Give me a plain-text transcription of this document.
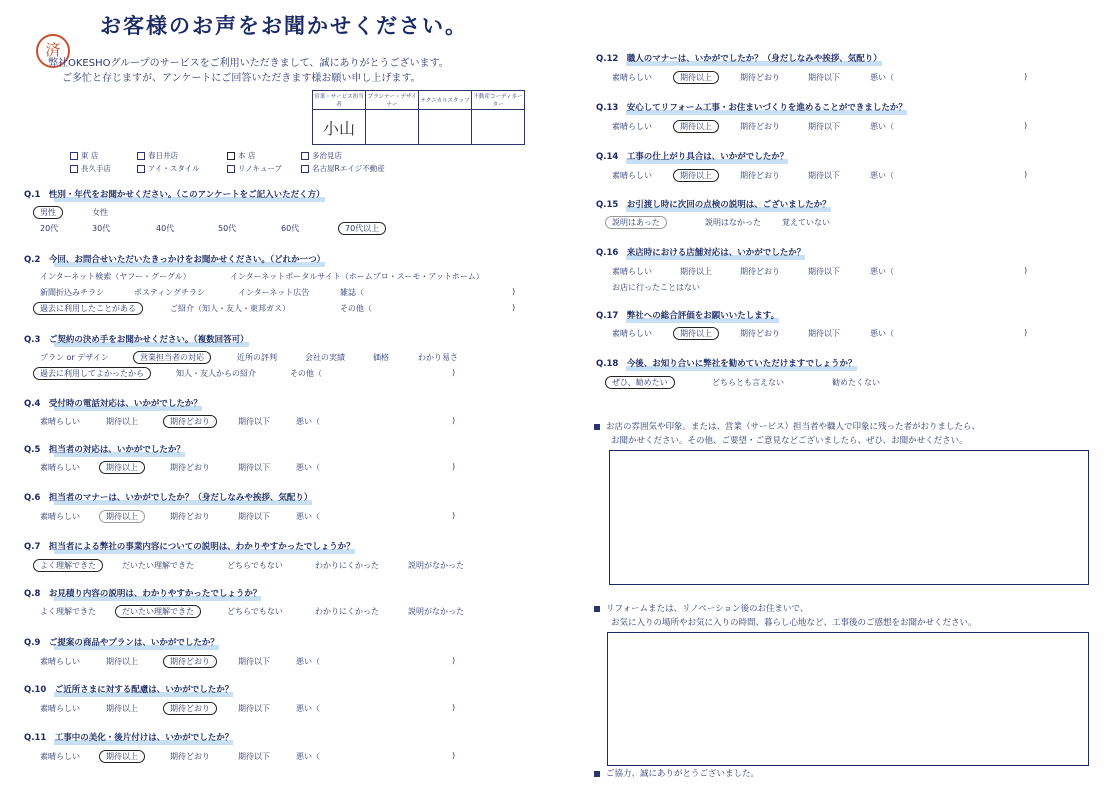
お客様のお声をお聞かせください。
済
弊社OKESHOグループのサービスをご利用いただきまして、誠にありがとうございます。
ご多忙と存じますが、アンケートにご回答いただきます様お願い申し上げます。
営業・サービス担当者	プランナー・デザイナー	テクニカルスタッフ	不動産コーディネーター
小山			
東 店	春日井店	本 店	多治見店
長久手店	アイ・スタイル	リノキューブ	名古屋Rエイジ不動産
Q.1　性別・年代をお聞かせください。（このアンケートをご記入いただく方）
男性	女性
20代	30代	40代	50代	60代	70代以上
Q.2　今回、お問合せいただいたきっかけをお聞かせください。（どれか一つ）
インターネット検索（ヤフー・グーグル）	インターネットポータルサイト（ホームプロ・スーモ・アットホーム）
新聞折込みチラシ	ポスティングチラシ	インターネット広告	雑誌（	)
過去に利用したことがある	ご紹介（知人・友人・東邦ガス）	その他（	)
Q.3　ご契約の決め手をお聞かせください。（複数回答可）
プラン or デザイン	営業担当者の対応	近所の評判	会社の実績	価格	わかり易さ
過去に利用してよかったから	知人・友人からの紹介	その他（	)
Q.4　受付時の電話対応は、いかがでしたか？
素晴らしい	期待以上	期待どおり	期待以下	悪い（	)
Q.5　担当者の対応は、いかがでしたか？
素晴らしい	期待以上	期待どおり	期待以下	悪い（	)
Q.6　担当者のマナーは、いかがでしたか？（身だしなみや挨拶、気配り）
素晴らしい	期待以上	期待どおり	期待以下	悪い（	)
Q.7　担当者による弊社の事業内容についての説明は、わかりやすかったでしょうか？
よく理解できた	だいたい理解できた	どちらでもない	わかりにくかった	説明がなかった
Q.8　お見積り内容の説明は、わかりやすかったでしょうか？
よく理解できた	だいたい理解できた	どちらでもない	わかりにくかった	説明がなかった
Q.9　ご提案の商品やプランは、いかがでしたか？
素晴らしい	期待以上	期待どおり	期待以下	悪い（	)
Q.10　ご近所さまに対する配慮は、いかがでしたか？
素晴らしい	期待以上	期待どおり	期待以下	悪い（	)
Q.11　工事中の美化・後片付けは、いかがでしたか？
素晴らしい	期待以上	期待どおり	期待以下	悪い（	)
Q.12　職人のマナーは、いかがでしたか？（身だしなみや挨拶、気配り）
素晴らしい	期待以上	期待どおり	期待以下	悪い（	)
Q.13　安心してリフォーム工事・お住まいづくりを進めることができましたか？
素晴らしい	期待以上	期待どおり	期待以下	悪い（	)
Q.14　工事の仕上がり具合は、いかがでしたか？
素晴らしい	期待以上	期待どおり	期待以下	悪い（	)
Q.15　お引渡し時に次回の点検の説明は、ございましたか？
説明はあった	説明はなかった	覚えていない
Q.16　来店時における店舗対応は、いかがでしたか？
素晴らしい	期待以上	期待どおり	期待以下	悪い（	)
お店に行ったことはない
Q.17　弊社への総合評価をお願いいたします。
素晴らしい	期待以上	期待どおり	期待以下	悪い（	)
Q.18　今後、お知り合いに弊社を勧めていただけますでしょうか？
ぜひ、勧めたい	どちらとも言えない	勧めたくない
お店の雰囲気や印象。または、営業（サービス）担当者や職人で印象に残った者がおりましたら、
お聞かせください。その他、ご要望・ご意見などございましたら、ぜひ、お聞かせください。
リフォームまたは、リノベーション後のお住まいで、
お気に入りの場所やお気に入りの時間、暮らし心地など、工事後のご感想をお聞かせください。
ご協力、誠にありがとうございました。
